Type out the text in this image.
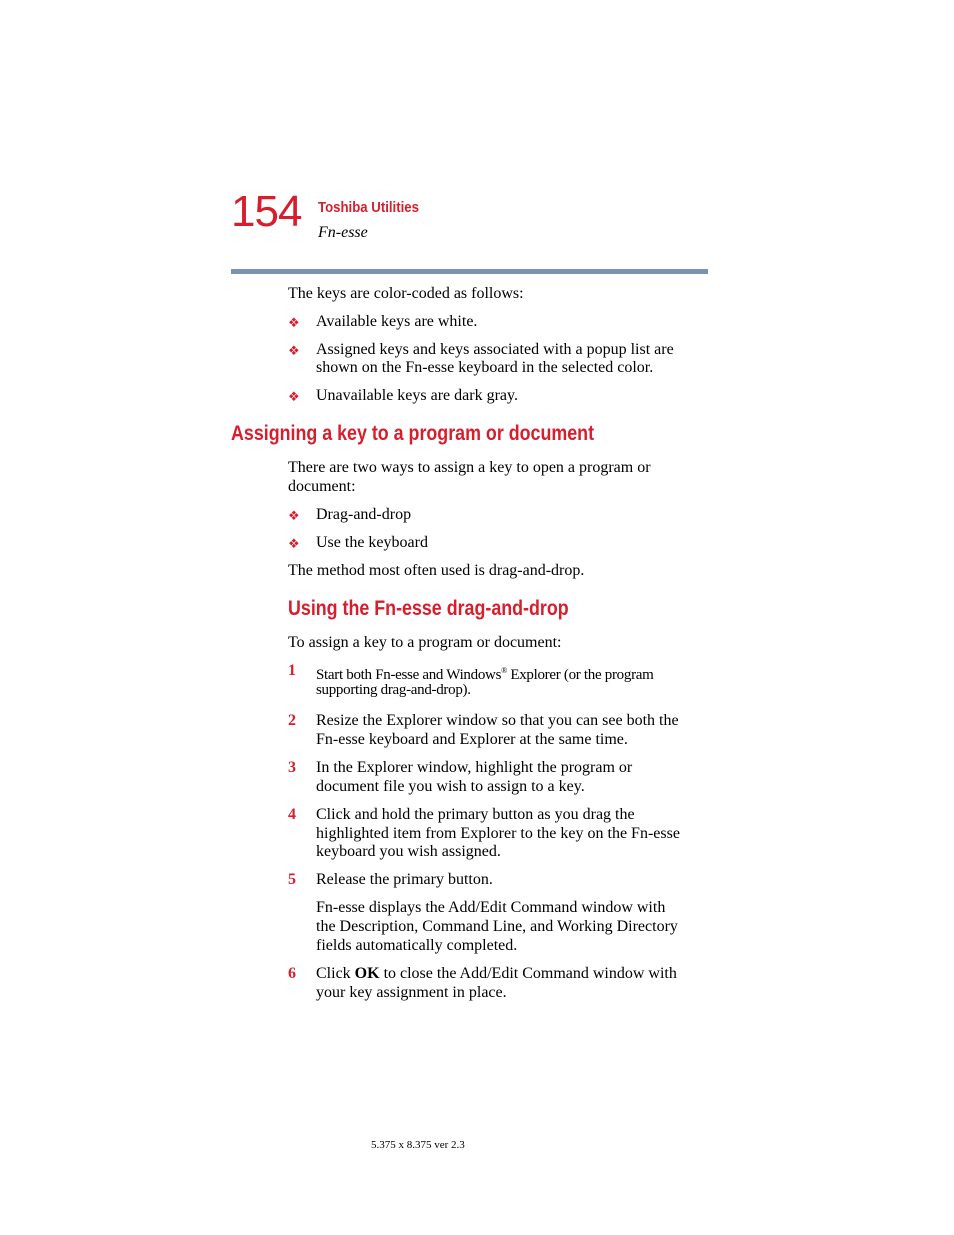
154 Toshiba Utilities
Fn-esse
The keys are color-coded as follows:
❖ Available keys are white.
❖ Assigned keys and keys associated with a popup list are
shown on the Fn-esse keyboard in the selected color.
❖ Unavailable keys are dark gray.
Assigning a key to a program or document
There are two ways to assign a key to open a program or
document:
❖ Drag-and-drop
❖ Use the keyboard
The method most often used is drag-and-drop.
Using the Fn-esse drag-and-drop
To assign a key to a program or document:
1 Start both Fn-esse and Windows® Explorer (or the program
supporting drag-and-drop).
2 Resize the Explorer window so that you can see both the
Fn-esse keyboard and Explorer at the same time.
3 In the Explorer window, highlight the program or
document file you wish to assign to a key.
4 Click and hold the primary button as you drag the
highlighted item from Explorer to the key on the Fn-esse
keyboard you wish assigned.
5 Release the primary button.
Fn-esse displays the Add/Edit Command window with
the Description, Command Line, and Working Directory
fields automatically completed.
6 Click OK to close the Add/Edit Command window with
your key assignment in place.
5.375 x 8.375 ver 2.3
